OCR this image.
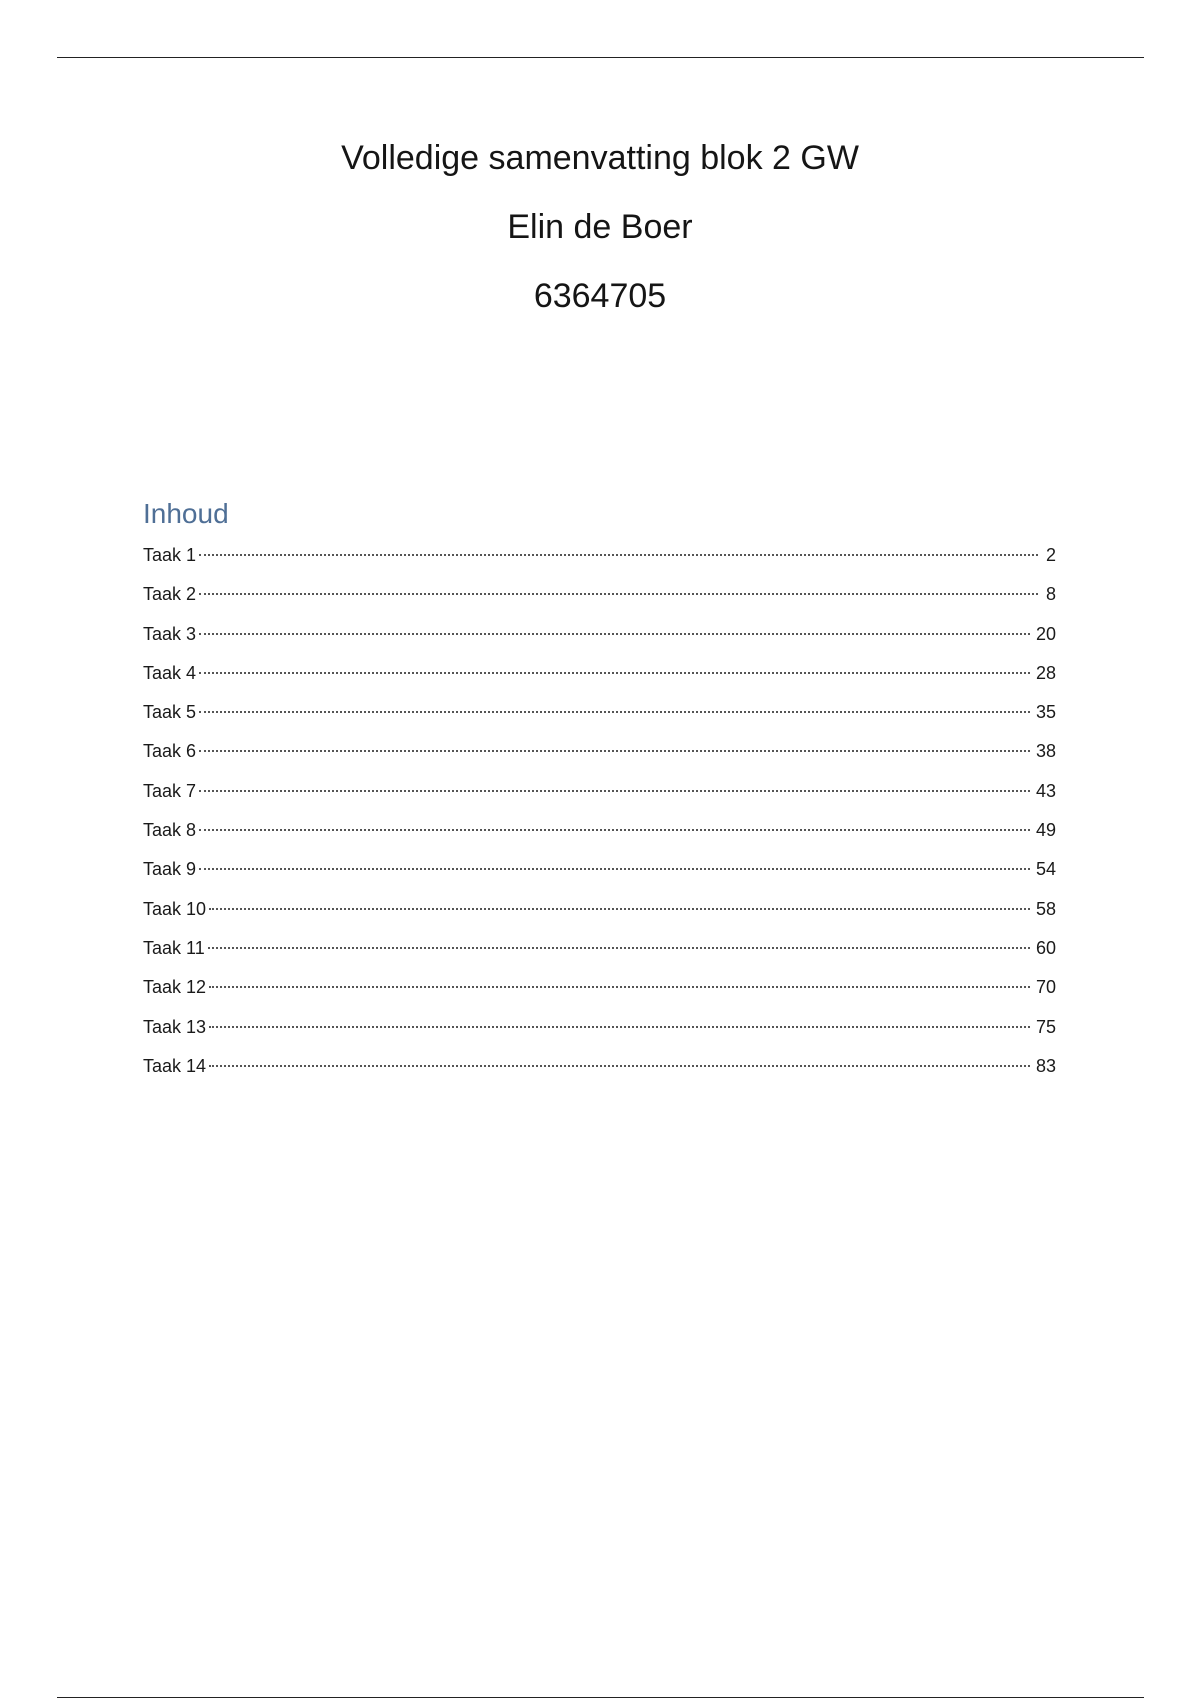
Volledige samenvatting blok 2 GW
Elin de Boer
6364705
Inhoud
Taak 1	2
Taak 2	8
Taak 3	20
Taak 4	28
Taak 5	35
Taak 6	38
Taak 7	43
Taak 8	49
Taak 9	54
Taak 10	58
Taak 11	60
Taak 12	70
Taak 13	75
Taak 14	83
